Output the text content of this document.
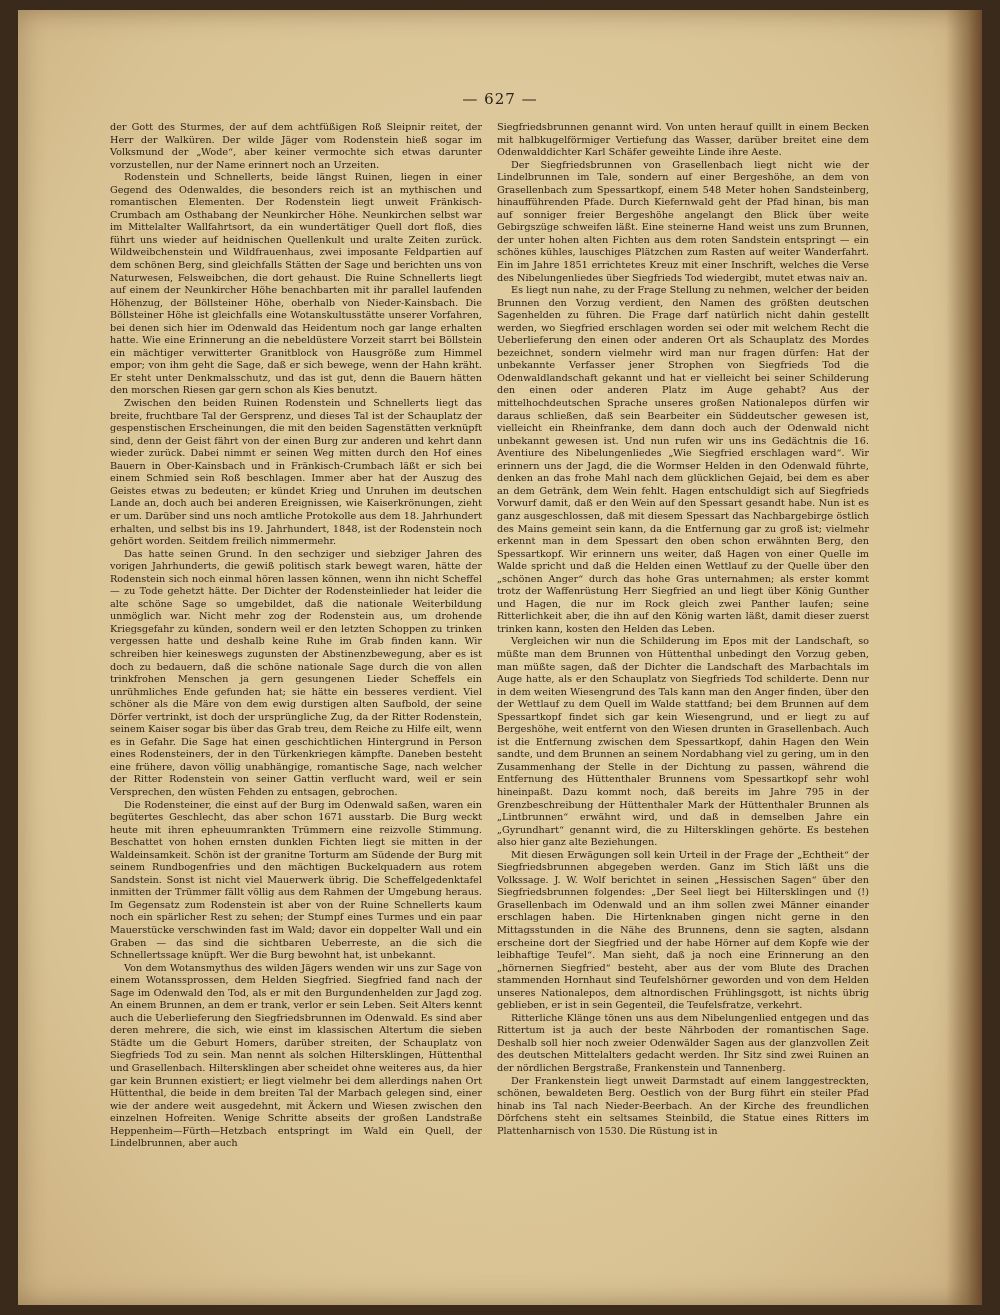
— 627 —

der Gott des Sturmes, der auf dem achtfüßigen Roß Sleipnir reitet, der Herr der Walküren. Der wilde Jäger vom Rodenstein hieß sogar im Volksmund der „Wode“, aber keiner vermochte sich etwas darunter vorzustellen, nur der Name erinnert noch an Urzeiten.

Rodenstein und Schnellerts, beide längst Ruinen, liegen in einer Gegend des Odenwaldes, die besonders reich ist an mythischen und romantischen Elementen. Der Rodenstein liegt unweit Fränkisch-Crumbach am Osthabang der Neunkircher Höhe. Neunkirchen selbst war im Mittelalter Wallfahrtsort, da ein wundertätiger Quell dort floß, dies führt uns wieder auf heidnischen Quellenkult und uralte Zeiten zurück. Wildweibchenstein und Wildfrauenhaus, zwei imposante Feldpartien auf dem schönen Berg, sind gleichfalls Stätten der Sage und berichten uns von Naturwesen, Felsweibchen, die dort gehaust. Die Ruine Schnellerts liegt auf einem der Neunkircher Höhe benachbarten mit ihr parallel laufenden Höhenzug, der Böllsteiner Höhe, oberhalb von Nieder-Kainsbach. Die Böllsteiner Höhe ist gleichfalls eine Wotanskultusstätte unserer Vorfahren, bei denen sich hier im Odenwald das Heidentum noch gar lange erhalten hatte. Wie eine Erinnerung an die nebeldüstere Vorzeit starrt bei Böllstein ein mächtiger verwitterter Granitblock von Hausgröße zum Himmel empor; von ihm geht die Sage, daß er sich bewege, wenn der Hahn kräht. Er steht unter Denkmalsschutz, und das ist gut, denn die Bauern hätten den morschen Riesen gar gern schon als Kies benutzt.

Zwischen den beiden Ruinen Rodenstein und Schnellerts liegt das breite, fruchtbare Tal der Gersprenz, und dieses Tal ist der Schauplatz der gespenstischen Erscheinungen, die mit den beiden Sagenstätten verknüpft sind, denn der Geist fährt von der einen Burg zur anderen und kehrt dann wieder zurück. Dabei nimmt er seinen Weg mitten durch den Hof eines Bauern in Ober-Kainsbach und in Fränkisch-Crumbach läßt er sich bei einem Schmied sein Roß beschlagen. Immer aber hat der Auszug des Geistes etwas zu bedeuten; er kündet Krieg und Unruhen im deutschen Lande an, doch auch bei anderen Ereignissen, wie Kaiserkrönungen, zieht er um. Darüber sind uns noch amtliche Protokolle aus dem 18. Jahrhundert erhalten, und selbst bis ins 19. Jahrhundert, 1848, ist der Rodenstein noch gehört worden. Seitdem freilich nimmermehr.

Das hatte seinen Grund. In den sechziger und siebziger Jahren des vorigen Jahrhunderts, die gewiß politisch stark bewegt waren, hätte der Rodenstein sich noch einmal hören lassen können, wenn ihn nicht Scheffel — zu Tode gehetzt hätte. Der Dichter der Rodensteinlieder hat leider die alte schöne Sage so umgebildet, daß die nationale Weiterbildung unmöglich war. Nicht mehr zog der Rodenstein aus, um drohende Kriegsgefahr zu künden, sondern weil er den letzten Schoppen zu trinken vergessen hatte und deshalb keine Ruhe im Grab finden kann. Wir schreiben hier keineswegs zugunsten der Abstinenzbewegung, aber es ist doch zu bedauern, daß die schöne nationale Sage durch die von allen trinkfrohen Menschen ja gern gesungenen Lieder Scheffels ein unrühmliches Ende gefunden hat; sie hätte ein besseres verdient. Viel schöner als die Märe von dem ewig durstigen alten Saufbold, der seine Dörfer vertrinkt, ist doch der ursprüngliche Zug, da der Ritter Rodenstein, seinem Kaiser sogar bis über das Grab treu, dem Reiche zu Hilfe eilt, wenn es in Gefahr. Die Sage hat einen geschichtlichen Hintergrund in Person eines Rodensteiners, der in den Türkenkriegen kämpfte. Daneben besteht eine frühere, davon völlig unabhängige, romantische Sage, nach welcher der Ritter Rodenstein von seiner Gattin verflucht ward, weil er sein Versprechen, den wüsten Fehden zu entsagen, gebrochen.

Die Rodensteiner, die einst auf der Burg im Odenwald saßen, waren ein begütertes Geschlecht, das aber schon 1671 ausstarb. Die Burg weckt heute mit ihren epheuumrankten Trümmern eine reizvolle Stimmung. Beschattet von hohen ernsten dunklen Fichten liegt sie mitten in der Waldeinsamkeit. Schön ist der granitne Torturm am Südende der Burg mit seinem Rundbogenfries und den mächtigen Buckelquadern aus rotem Sandstein. Sonst ist nicht viel Mauerwerk übrig. Die Scheffelgedenktafel inmitten der Trümmer fällt völlig aus dem Rahmen der Umgebung heraus. Im Gegensatz zum Rodenstein ist aber von der Ruine Schnellerts kaum noch ein spärlicher Rest zu sehen; der Stumpf eines Turmes und ein paar Mauerstücke verschwinden fast im Wald; davor ein doppelter Wall und ein Graben — das sind die sichtbaren Ueberreste, an die sich die Schnellertssage knüpft. Wer die Burg bewohnt hat, ist unbekannt.

Von dem Wotansmythus des wilden Jägers wenden wir uns zur Sage von einem Wotanssprossen, dem Helden Siegfried. Siegfried fand nach der Sage im Odenwald den Tod, als er mit den Burgundenhelden zur Jagd zog. An einem Brunnen, an dem er trank, verlor er sein Leben. Seit Alters kennt auch die Ueberlieferung den Siegfriedsbrunnen im Odenwald. Es sind aber deren mehrere, die sich, wie einst im klassischen Altertum die sieben Städte um die Geburt Homers, darüber streiten, der Schauplatz von Siegfrieds Tod zu sein. Man nennt als solchen Hiltersklingen, Hüttenthal und Grasellenbach. Hiltersklingen aber scheidet ohne weiteres aus, da hier gar kein Brunnen existiert; er liegt vielmehr bei dem allerdings nahen Ort Hüttenthal, die beide in dem breiten Tal der Marbach gelegen sind, einer wie der andere weit ausgedehnt, mit Äckern und Wiesen zwischen den einzelnen Hofreiten. Wenige Schritte abseits der großen Landstraße Heppenheim—Fürth—Hetzbach entspringt im Wald ein Quell, der Lindelbrunnen, aber auch

Siegfriedsbrunnen genannt wird. Von unten herauf quillt in einem Becken mit halbkugelförmiger Vertiefung das Wasser, darüber breitet eine dem Odenwalddichter Karl Schäfer geweihte Linde ihre Aeste.

Der Siegfriedsbrunnen von Grasellenbach liegt nicht wie der Lindelbrunnen im Tale, sondern auf einer Bergeshöhe, an dem von Grasellenbach zum Spessartkopf, einem 548 Meter hohen Sandsteinberg, hinaufführenden Pfade. Durch Kiefernwald geht der Pfad hinan, bis man auf sonniger freier Bergeshöhe angelangt den Blick über weite Gebirgszüge schweifen läßt. Eine steinerne Hand weist uns zum Brunnen, der unter hohen alten Fichten aus dem roten Sandstein entspringt — ein schönes kühles, lauschiges Plätzchen zum Rasten auf weiter Wanderfahrt. Ein im Jahre 1851 errichtetes Kreuz mit einer Inschrift, welches die Verse des Nibelungenliedes über Siegfrieds Tod wiedergibt, mutet etwas naiv an.

Es liegt nun nahe, zu der Frage Stellung zu nehmen, welcher der beiden Brunnen den Vorzug verdient, den Namen des größten deutschen Sagenhelden zu führen. Die Frage darf natürlich nicht dahin gestellt werden, wo Siegfried erschlagen worden sei oder mit welchem Recht die Ueberlieferung den einen oder anderen Ort als Schauplatz des Mordes bezeichnet, sondern vielmehr wird man nur fragen dürfen: Hat der unbekannte Verfasser jener Strophen von Siegfrieds Tod die Odenwaldlandschaft gekannt und hat er vielleicht bei seiner Schilderung den einen oder anderen Platz im Auge gehabt? Aus der mittelhochdeutschen Sprache unseres großen Nationalepos dürfen wir daraus schließen, daß sein Bearbeiter ein Süddeutscher gewesen ist, vielleicht ein Rheinfranke, dem dann doch auch der Odenwald nicht unbekannt gewesen ist. Und nun rufen wir uns ins Gedächtnis die 16. Aventiure des Nibelungenliedes „Wie Siegfried erschlagen ward“. Wir erinnern uns der Jagd, die die Wormser Helden in den Odenwald führte, denken an das frohe Mahl nach dem glücklichen Gejaid, bei dem es aber an dem Getränk, dem Wein fehlt. Hagen entschuldigt sich auf Siegfrieds Vorwurf damit, daß er den Wein auf den Spessart gesandt habe. Nun ist es ganz ausgeschlossen, daß mit diesem Spessart das Nachbargebirge östlich des Mains gemeint sein kann, da die Entfernung gar zu groß ist; vielmehr erkennt man in dem Spessart den oben schon erwähnten Berg, den Spessartkopf. Wir erinnern uns weiter, daß Hagen von einer Quelle im Walde spricht und daß die Helden einen Wettlauf zu der Quelle über den „schönen Anger“ durch das hohe Gras unternahmen; als erster kommt trotz der Waffenrüstung Herr Siegfried an und liegt über König Gunther und Hagen, die nur im Rock gleich zwei Panther laufen; seine Ritterlichkeit aber, die ihn auf den König warten läßt, damit dieser zuerst trinken kann, kosten den Helden das Leben.

Vergleichen wir nun die Schilderung im Epos mit der Landschaft, so müßte man dem Brunnen von Hüttenthal unbedingt den Vorzug geben, man müßte sagen, daß der Dichter die Landschaft des Marbachtals im Auge hatte, als er den Schauplatz von Siegfrieds Tod schilderte. Denn nur in dem weiten Wiesengrund des Tals kann man den Anger finden, über den der Wettlauf zu dem Quell im Walde stattfand; bei dem Brunnen auf dem Spessartkopf findet sich gar kein Wiesengrund, und er liegt zu auf Bergeshöhe, weit entfernt von den Wiesen drunten in Grasellenbach. Auch ist die Entfernung zwischen dem Spessartkopf, dahin Hagen den Wein sandte, und dem Brunnen an seinem Nordabhang viel zu gering, um in den Zusammenhang der Stelle in der Dichtung zu passen, während die Entfernung des Hüttenthaler Brunnens vom Spessartkopf sehr wohl hineinpaßt. Dazu kommt noch, daß bereits im Jahre 795 in der Grenzbeschreibung der Hüttenthaler Mark der Hüttenthaler Brunnen als „Lintbrunnen“ erwähnt wird, und daß in demselben Jahre ein „Gyrundhart“ genannt wird, die zu Hiltersklingen gehörte. Es bestehen also hier ganz alte Beziehungen.

Mit diesen Erwägungen soll kein Urteil in der Frage der „Echtheit“ der Siegfriedsbrunnen abgegeben werden. Ganz im Stich läßt uns die Volkssage. J. W. Wolf berichtet in seinen „Hessischen Sagen“ über den Siegfriedsbrunnen folgendes: „Der Seel liegt bei Hiltersklingen und (!) Grasellenbach im Odenwald und an ihm sollen zwei Männer einander erschlagen haben. Die Hirtenknaben gingen nicht gerne in den Mittagsstunden in die Nähe des Brunnens, denn sie sagten, alsdann erscheine dort der Siegfried und der habe Hörner auf dem Kopfe wie der leibhaftige Teufel“. Man sieht, daß ja noch eine Erinnerung an den „hörnernen Siegfried“ besteht, aber aus der vom Blute des Drachen stammenden Hornhaut sind Teufelshörner geworden und von dem Helden unseres Nationalepos, dem altnordischen Frühlingsgott, ist nichts übrig geblieben, er ist in sein Gegenteil, die Teufelsfratze, verkehrt.

Ritterliche Klänge tönen uns aus dem Nibelungenlied entgegen und das Rittertum ist ja auch der beste Nährboden der romantischen Sage. Deshalb soll hier noch zweier Odenwälder Sagen aus der glanzvollen Zeit des deutschen Mittelalters gedacht werden. Ihr Sitz sind zwei Ruinen an der nördlichen Bergstraße, Frankenstein und Tannenberg.

Der Frankenstein liegt unweit Darmstadt auf einem langgestreckten, schönen, bewaldeten Berg. Oestlich von der Burg führt ein steiler Pfad hinab ins Tal nach Nieder-Beerbach. An der Kirche des freundlichen Dörfchens steht ein seltsames Steinbild, die Statue eines Ritters im Plattenharnisch von 1530. Die Rüstung ist in
